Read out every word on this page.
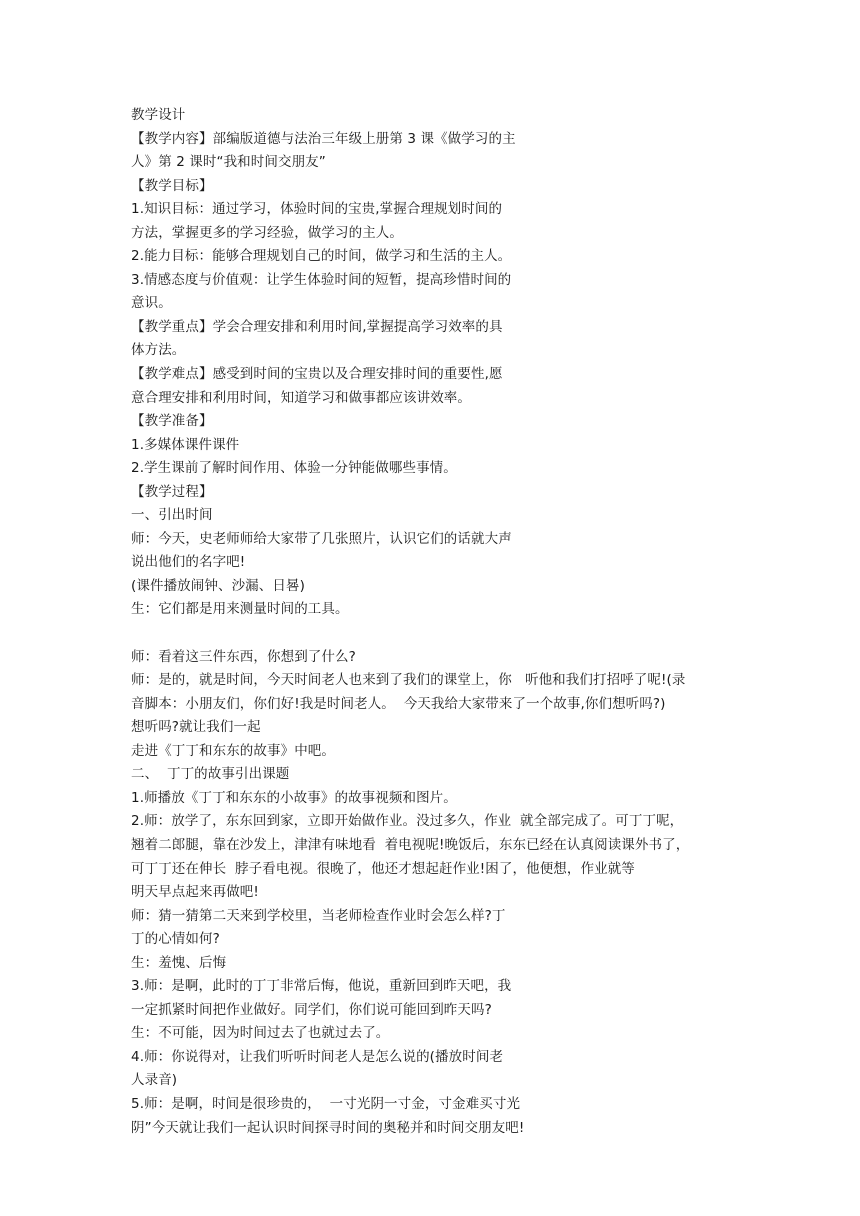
教学设计
【教学内容】部编版道德与法治三年级上册第 3 课《做学习的主
人》第 2 课时“我和时间交朋友”
【教学目标】
1.知识目标：通过学习，体验时间的宝贵,掌握合理规划时间的
方法，掌握更多的学习经验，做学习的主人。
2.能力目标：能够合理规划自己的时间，做学习和生活的主人。
3.情感态度与价值观：让学生体验时间的短暂，提高珍惜时间的
意识。
【教学重点】学会合理安排和利用时间,掌握提高学习效率的具
体方法。
【教学难点】感受到时间的宝贵以及合理安排时间的重要性,愿
意合理安排和利用时间，知道学习和做事都应该讲效率。
【教学准备】
1.多媒体课件课件
2.学生课前了解时间作用、体验一分钟能做哪些事情。
【教学过程】
一、引出时间
师：今天，史老师师给大家带了几张照片，认识它们的话就大声
说出他们的名字吧!
(课件播放闹钟、沙漏、日晷)
生：它们都是用来测量时间的工具。
师：看着这三件东西，你想到了什么?
师：是的，就是时间，今天时间老人也来到了我们的课堂上，你   听他和我们打招呼了呢!(录
音脚本：小朋友们，你们好!我是时间老人。  今天我给大家带来了一个故事,你们想听吗?)
想听吗?就让我们一起
走进《丁丁和东东的故事》中吧。
二、  丁丁的故事引出课题
1.师播放《丁丁和东东的小故事》的故事视频和图片。
2.师：放学了，东东回到家，立即开始做作业。没过多久，作业  就全部完成了。可丁丁呢，
翘着二郎腿，靠在沙发上，津津有味地看  着电视呢!晚饭后，东东已经在认真阅读课外书了，
可丁丁还在伸长  脖子看电视。很晚了，他还才想起赶作业!困了，他便想，作业就等
明天早点起来再做吧!
师：猜一猜第二天来到学校里，当老师检查作业时会怎么样?丁
丁的心情如何?
生：羞愧、后悔
3.师：是啊，此时的丁丁非常后悔，他说，重新回到昨天吧，我
一定抓紧时间把作业做好。同学们，你们说可能回到昨天吗?
生：不可能，因为时间过去了也就过去了。
4.师：你说得对，让我们听听时间老人是怎么说的(播放时间老
人录音)
5.师：是啊，时间是很珍贵的，  一寸光阴一寸金，寸金难买寸光
阴”今天就让我们一起认识时间探寻时间的奥秘并和时间交朋友吧!
